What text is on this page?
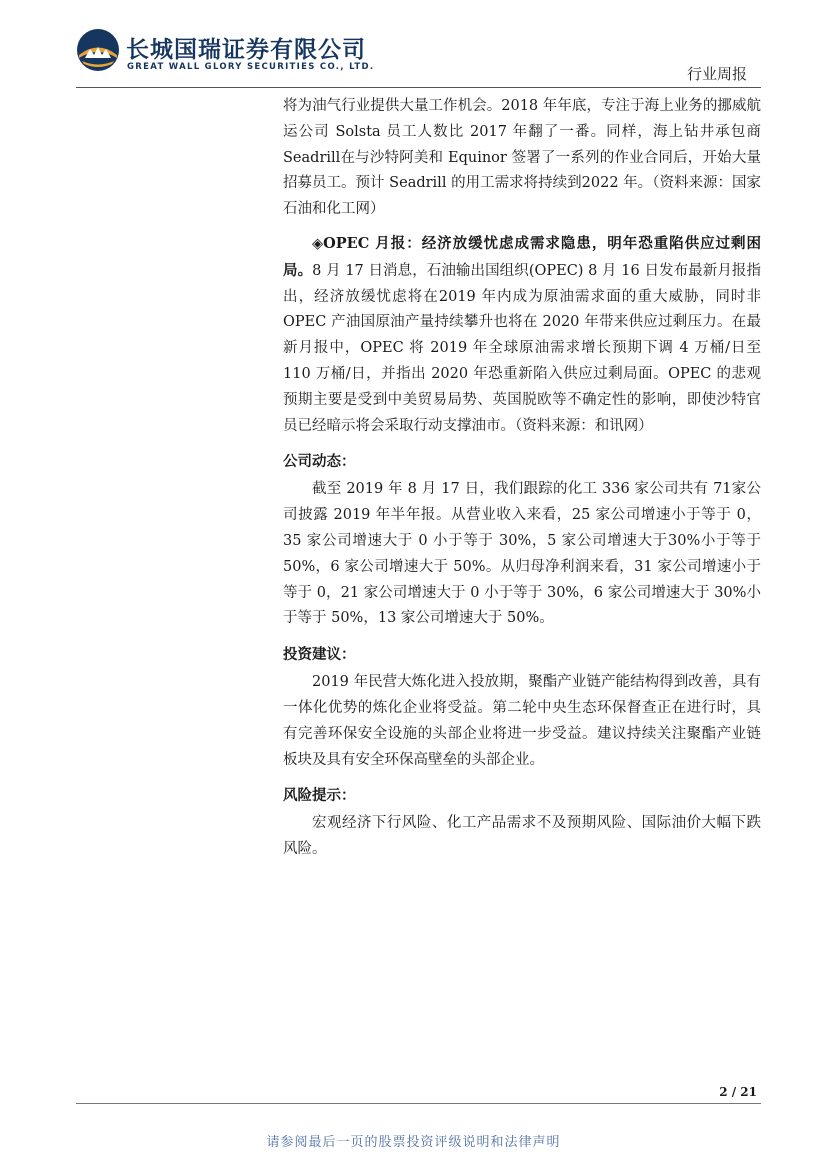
长城国瑞证券有限公司
GREAT WALL GLORY SECURITIES CO., LTD.	行业周报

将为油气行业提供大量工作机会。2018 年年底，专注于海上业务的挪威航运公司 Solsta 员工人数比 2017 年翻了一番。同样，海上钻井承包商 Seadrill在与沙特阿美和 Equinor 签署了一系列的作业合同后，开始大量招募员工。预计 Seadrill 的用工需求将持续到2022 年。（资料来源：国家石油和化工网）

◈OPEC 月报：经济放缓忧虑成需求隐患，明年恐重陷供应过剩困局。8 月 17 日消息，石油输出国组织(OPEC) 8 月 16 日发布最新月报指出，经济放缓忧虑将在2019 年内成为原油需求面的重大威胁，同时非 OPEC 产油国原油产量持续攀升也将在 2020 年带来供应过剩压力。在最新月报中，OPEC 将 2019 年全球原油需求增长预期下调 4 万桶/日至 110 万桶/日，并指出 2020 年恐重新陷入供应过剩局面。OPEC 的悲观预期主要是受到中美贸易局势、英国脱欧等不确定性的影响，即使沙特官员已经暗示将会采取行动支撑油市。（资料来源：和讯网）

公司动态：

截至 2019 年 8 月 17 日，我们跟踪的化工 336 家公司共有 71家公司披露 2019 年半年报。从营业收入来看，25 家公司增速小于等于 0，35 家公司增速大于 0 小于等于 30%，5 家公司增速大于30%小于等于 50%，6 家公司增速大于 50%。从归母净利润来看，31 家公司增速小于等于 0，21 家公司增速大于 0 小于等于 30%，6 家公司增速大于 30%小于等于 50%，13 家公司增速大于 50%。

投资建议：

2019 年民营大炼化进入投放期，聚酯产业链产能结构得到改善，具有一体化优势的炼化企业将受益。第二轮中央生态环保督查正在进行时，具有完善环保安全设施的头部企业将进一步受益。建议持续关注聚酯产业链板块及具有安全环保高壁垒的头部企业。

风险提示：

宏观经济下行风险、化工产品需求不及预期风险、国际油价大幅下跌风险。

2 / 21
请参阅最后一页的股票投资评级说明和法律声明
